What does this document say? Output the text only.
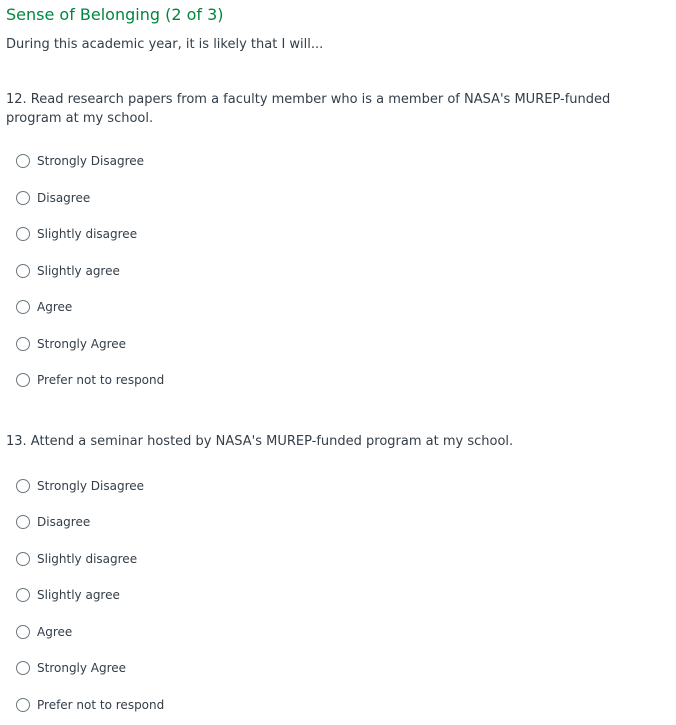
Sense of Belonging (2 of 3)

During this academic year, it is likely that I will...

12. Read research papers from a faculty member who is a member of NASA's MUREP-funded program at my school.
Strongly Disagree
Disagree
Slightly disagree
Slightly agree
Agree
Strongly Agree
Prefer not to respond
13. Attend a seminar hosted by NASA's MUREP-funded program at my school.
Strongly Disagree
Disagree
Slightly disagree
Slightly agree
Agree
Strongly Agree
Prefer not to respond
